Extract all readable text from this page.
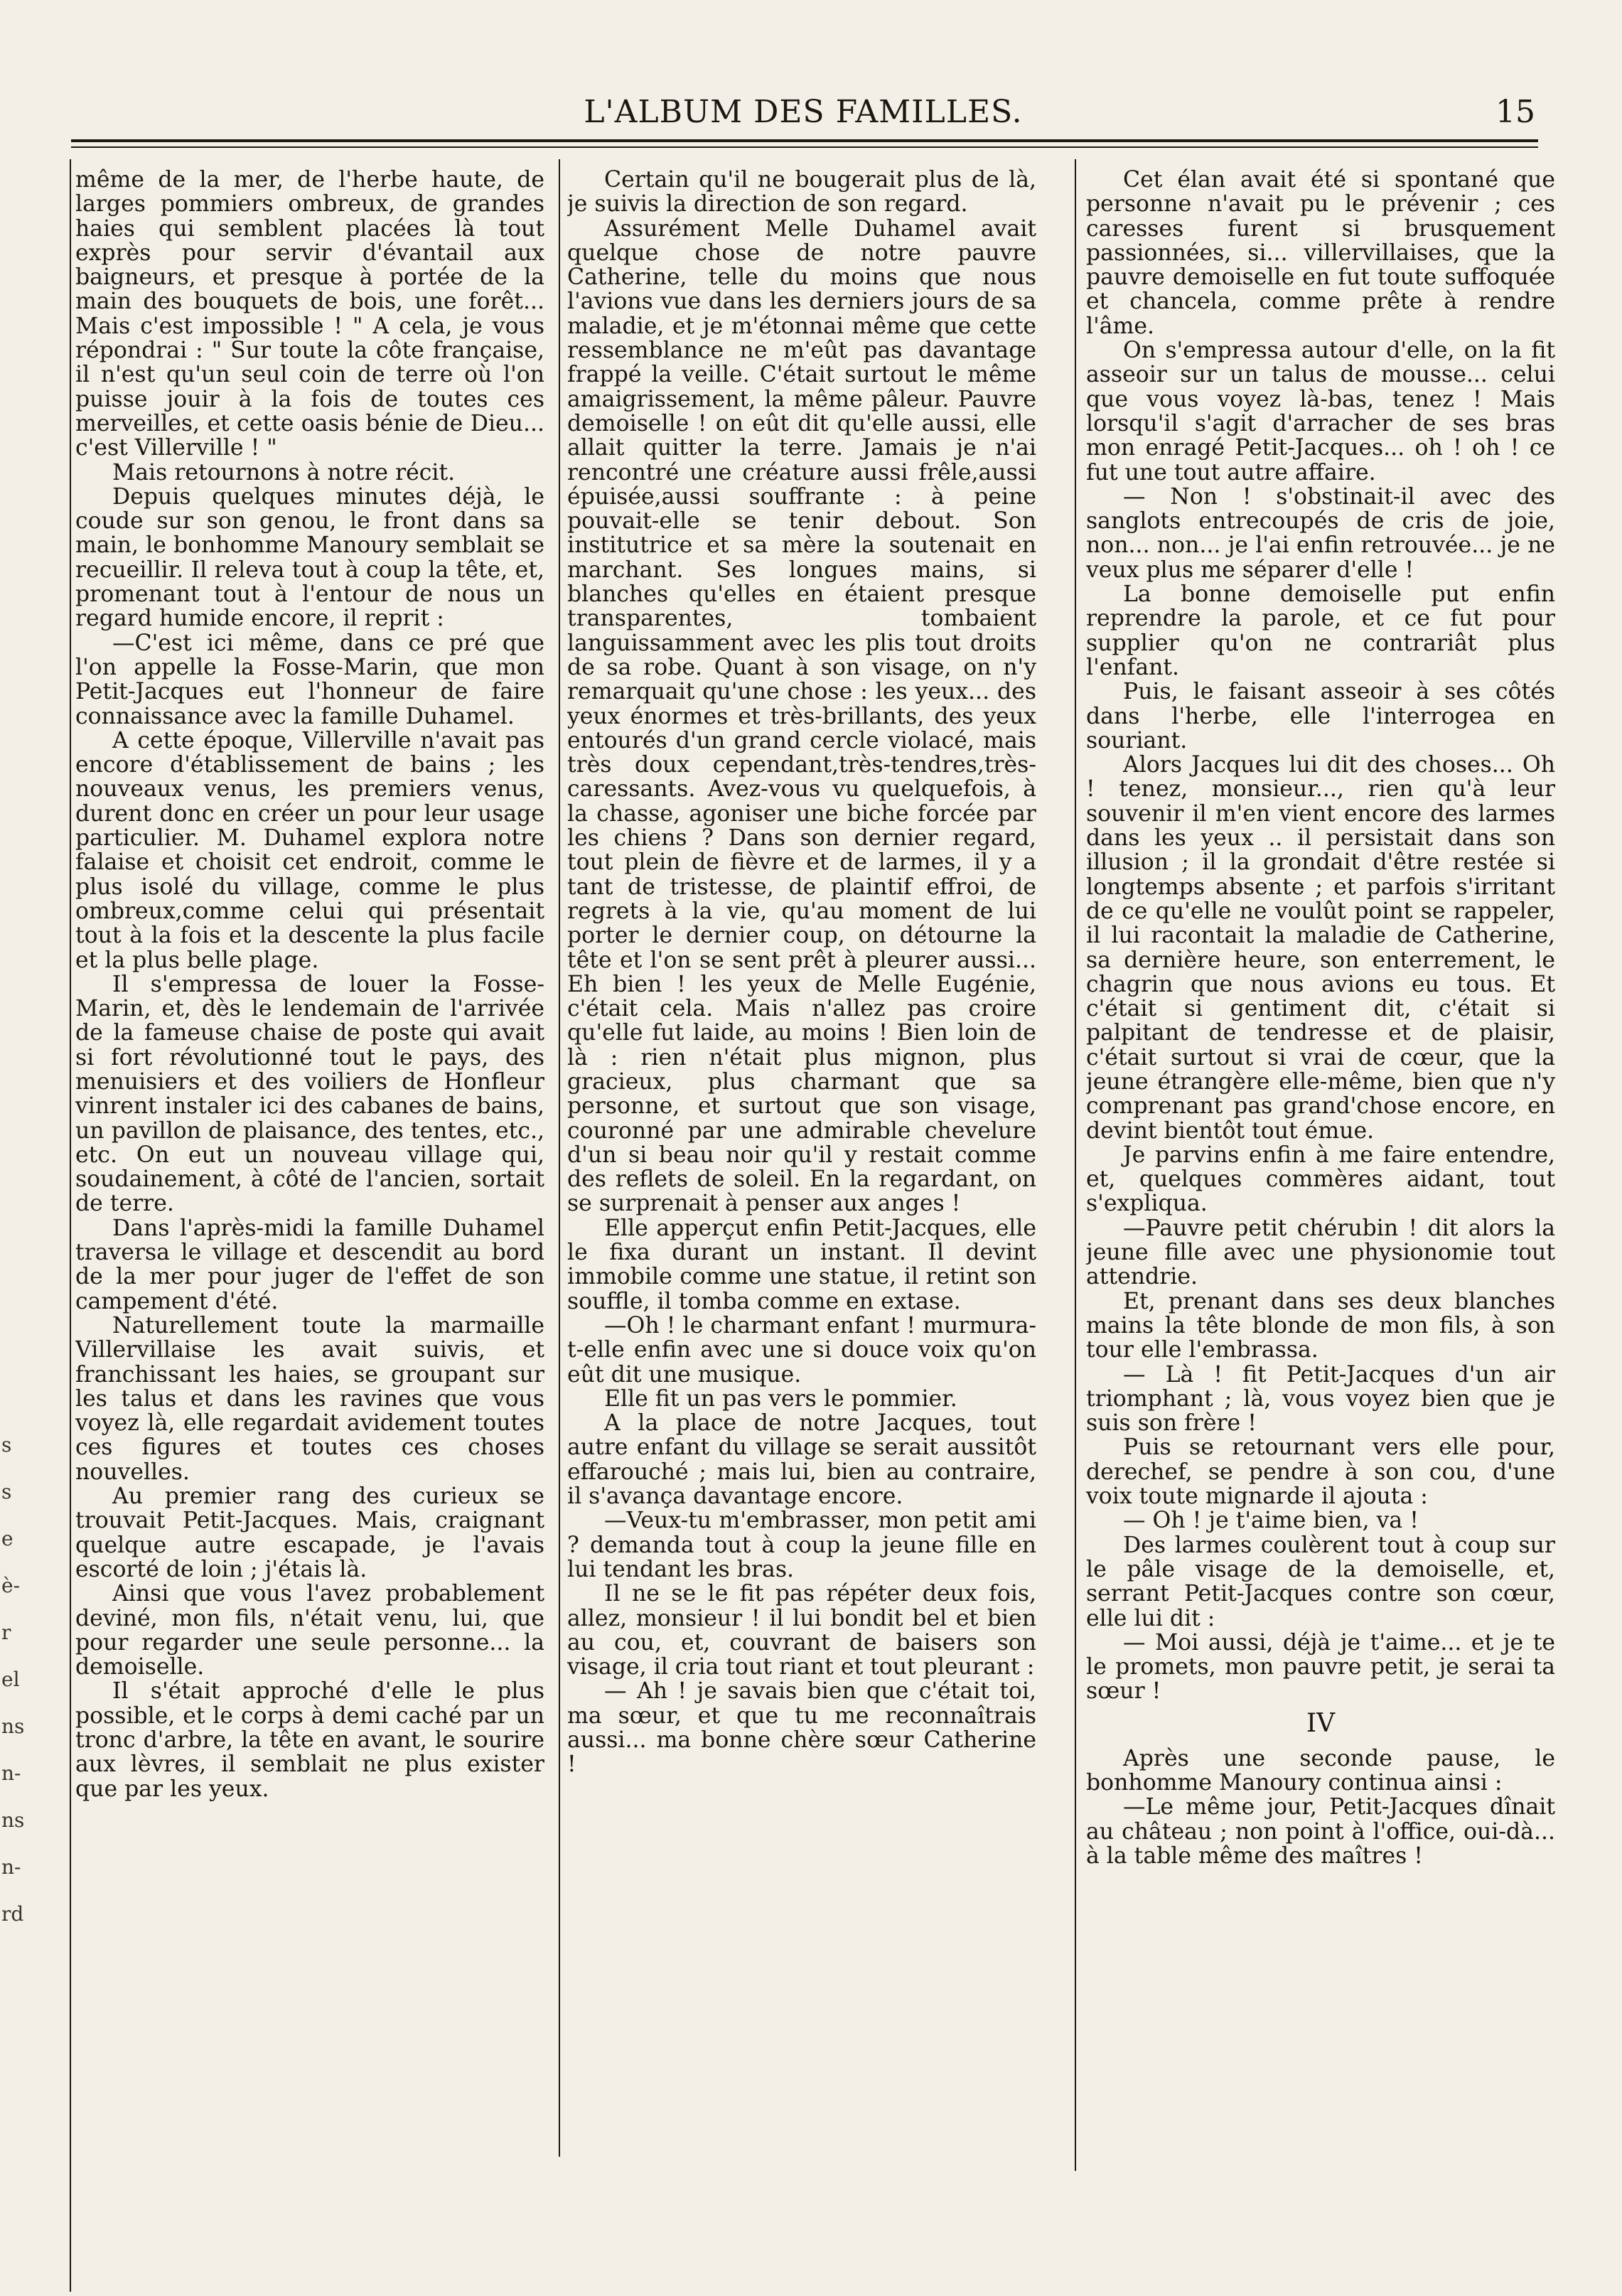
L'ALBUM DES FAMILLES.	15
s
s
e
è-
r
el
ns
n-
ns
n-
rd

même de la mer, de l'herbe haute, de larges pommiers ombreux, de grandes haies qui semblent placées là tout exprès pour servir d'évantail aux baigneurs, et presque à portée de la main des bouquets de bois, une forêt... Mais c'est impossible ! " A cela, je vous répondrai : " Sur toute la côte française, il n'est qu'un seul coin de terre où l'on puisse jouir à la fois de toutes ces merveilles, et cette oasis bénie de Dieu... c'est Villerville ! "

Mais retournons à notre récit.

Depuis quelques minutes déjà, le coude sur son genou, le front dans sa main, le bonhomme Manoury semblait se recueillir. Il releva tout à coup la tête, et, promenant tout à l'entour de nous un regard humide encore, il reprit :

—C'est ici même, dans ce pré que l'on appelle la Fosse-Marin, que mon Petit-Jacques eut l'honneur de faire connaissance avec la famille Duhamel.

A cette époque, Villerville n'avait pas encore d'établissement de bains ; les nouveaux venus, les premiers venus, durent donc en créer un pour leur usage particulier. M. Duhamel explora notre falaise et choisit cet endroit, comme le plus isolé du village, comme le plus ombreux,comme celui qui présentait tout à la fois et la descente la plus facile et la plus belle plage.

Il s'empressa de louer la Fosse-Marin, et, dès le lendemain de l'arrivée de la fameuse chaise de poste qui avait si fort révolutionné tout le pays, des menuisiers et des voiliers de Honfleur vinrent instaler ici des cabanes de bains, un pavillon de plaisance, des tentes, etc., etc. On eut un nouveau village qui, soudainement, à côté de l'ancien, sortait de terre.

Dans l'après-midi la famille Duhamel traversa le village et descendit au bord de la mer pour juger de l'effet de son campement d'été.

Naturellement toute la marmaille Villervillaise les avait suivis, et franchissant les haies, se groupant sur les talus et dans les ravines que vous voyez là, elle regardait avidement toutes ces figures et toutes ces choses nouvelles.

Au premier rang des curieux se trouvait Petit-Jacques. Mais, craignant quelque autre escapade, je l'avais escorté de loin ; j'étais là.

Ainsi que vous l'avez probablement deviné, mon fils, n'était venu, lui, que pour regarder une seule personne... la demoiselle.

Il s'était approché d'elle le plus possible, et le corps à demi caché par un tronc d'arbre, la tête en avant, le sourire aux lèvres, il semblait ne plus exister que par les yeux.

Certain qu'il ne bougerait plus de là, je suivis la direction de son regard.

Assurément Melle Duhamel avait quelque chose de notre pauvre Catherine, telle du moins que nous l'avions vue dans les derniers jours de sa maladie, et je m'étonnai même que cette ressemblance ne m'eût pas davantage frappé la veille. C'était surtout le même amaigrissement, la même pâleur. Pauvre demoiselle ! on eût dit qu'elle aussi, elle allait quitter la terre. Jamais je n'ai rencontré une créature aussi frêle,aussi épuisée,aussi souffrante : à peine pouvait-elle se tenir debout. Son institutrice et sa mère la soutenait en marchant. Ses longues mains, si blanches qu'elles en étaient presque transparentes, tombaient languissamment avec les plis tout droits de sa robe. Quant à son visage, on n'y remarquait qu'une chose : les yeux... des yeux énormes et très-brillants, des yeux entourés d'un grand cercle violacé, mais très doux cependant,très-tendres,très-caressants. Avez-vous vu quelquefois, à la chasse, agoniser une biche forcée par les chiens ? Dans son dernier regard, tout plein de fièvre et de larmes, il y a tant de tristesse, de plaintif effroi, de regrets à la vie, qu'au moment de lui porter le dernier coup, on détourne la tête et l'on se sent prêt à pleurer aussi... Eh bien ! les yeux de Melle Eugénie, c'était cela. Mais n'allez pas croire qu'elle fut laide, au moins ! Bien loin de là : rien n'était plus mignon, plus gracieux, plus charmant que sa personne, et surtout que son visage, couronné par une admirable chevelure d'un si beau noir qu'il y restait comme des reflets de soleil. En la regardant, on se surprenait à penser aux anges !

Elle apperçut enfin Petit-Jacques, elle le fixa durant un instant. Il devint immobile comme une statue, il retint son souffle, il tomba comme en extase.

—Oh ! le charmant enfant ! murmura-t-elle enfin avec une si douce voix qu'on eût dit une musique.

Elle fit un pas vers le pommier.

A la place de notre Jacques, tout autre enfant du village se serait aussitôt effarouché ; mais lui, bien au contraire, il s'avança davantage encore.

—Veux-tu m'embrasser, mon petit ami ? demanda tout à coup la jeune fille en lui tendant les bras.

Il ne se le fit pas répéter deux fois, allez, monsieur ! il lui bondit bel et bien au cou, et, couvrant de baisers son visage, il cria tout riant et tout pleurant :

— Ah ! je savais bien que c'était toi, ma sœur, et que tu me reconnaîtrais aussi... ma bonne chère sœur Catherine !

Cet élan avait été si spontané que personne n'avait pu le prévenir ; ces caresses furent si brusquement passionnées, si... villervillaises, que la pauvre demoiselle en fut toute suffoquée et chancela, comme prête à rendre l'âme.

On s'empressa autour d'elle, on la fit asseoir sur un talus de mousse... celui que vous voyez là-bas, tenez ! Mais lorsqu'il s'agit d'arracher de ses bras mon enragé Petit-Jacques... oh ! oh ! ce fut une tout autre affaire.

— Non ! s'obstinait-il avec des sanglots entrecoupés de cris de joie, non... non... je l'ai enfin retrouvée... je ne veux plus me séparer d'elle !

La bonne demoiselle put enfin reprendre la parole, et ce fut pour supplier qu'on ne contrariât plus l'enfant.

Puis, le faisant asseoir à ses côtés dans l'herbe, elle l'interrogea en souriant.

Alors Jacques lui dit des choses... Oh ! tenez, monsieur..., rien qu'à leur souvenir il m'en vient encore des larmes dans les yeux .. il persistait dans son illusion ; il la grondait d'être restée si longtemps absente ; et parfois s'irritant de ce qu'elle ne voulût point se rappeler, il lui racontait la maladie de Catherine, sa dernière heure, son enterrement, le chagrin que nous avions eu tous. Et c'était si gentiment dit, c'était si palpitant de tendresse et de plaisir, c'était surtout si vrai de cœur, que la jeune étrangère elle-même, bien que n'y comprenant pas grand'chose encore, en devint bientôt tout émue.

Je parvins enfin à me faire entendre, et, quelques commères aidant, tout s'expliqua.

—Pauvre petit chérubin ! dit alors la jeune fille avec une physionomie tout attendrie.

Et, prenant dans ses deux blanches mains la tête blonde de mon fils, à son tour elle l'embrassa.

— Là ! fit Petit-Jacques d'un air triomphant ; là, vous voyez bien que je suis son frère !

Puis se retournant vers elle pour, derechef, se pendre à son cou, d'une voix toute mignarde il ajouta :

— Oh ! je t'aime bien, va !

Des larmes coulèrent tout à coup sur le pâle visage de la demoiselle, et, serrant Petit-Jacques contre son cœur, elle lui dit :

— Moi aussi, déjà je t'aime... et je te le promets, mon pauvre petit, je serai ta sœur !

IV

Après une seconde pause, le bonhomme Manoury continua ainsi :

—Le même jour, Petit-Jacques dînait au château ; non point à l'office, oui-dà... à la table même des maîtres !
